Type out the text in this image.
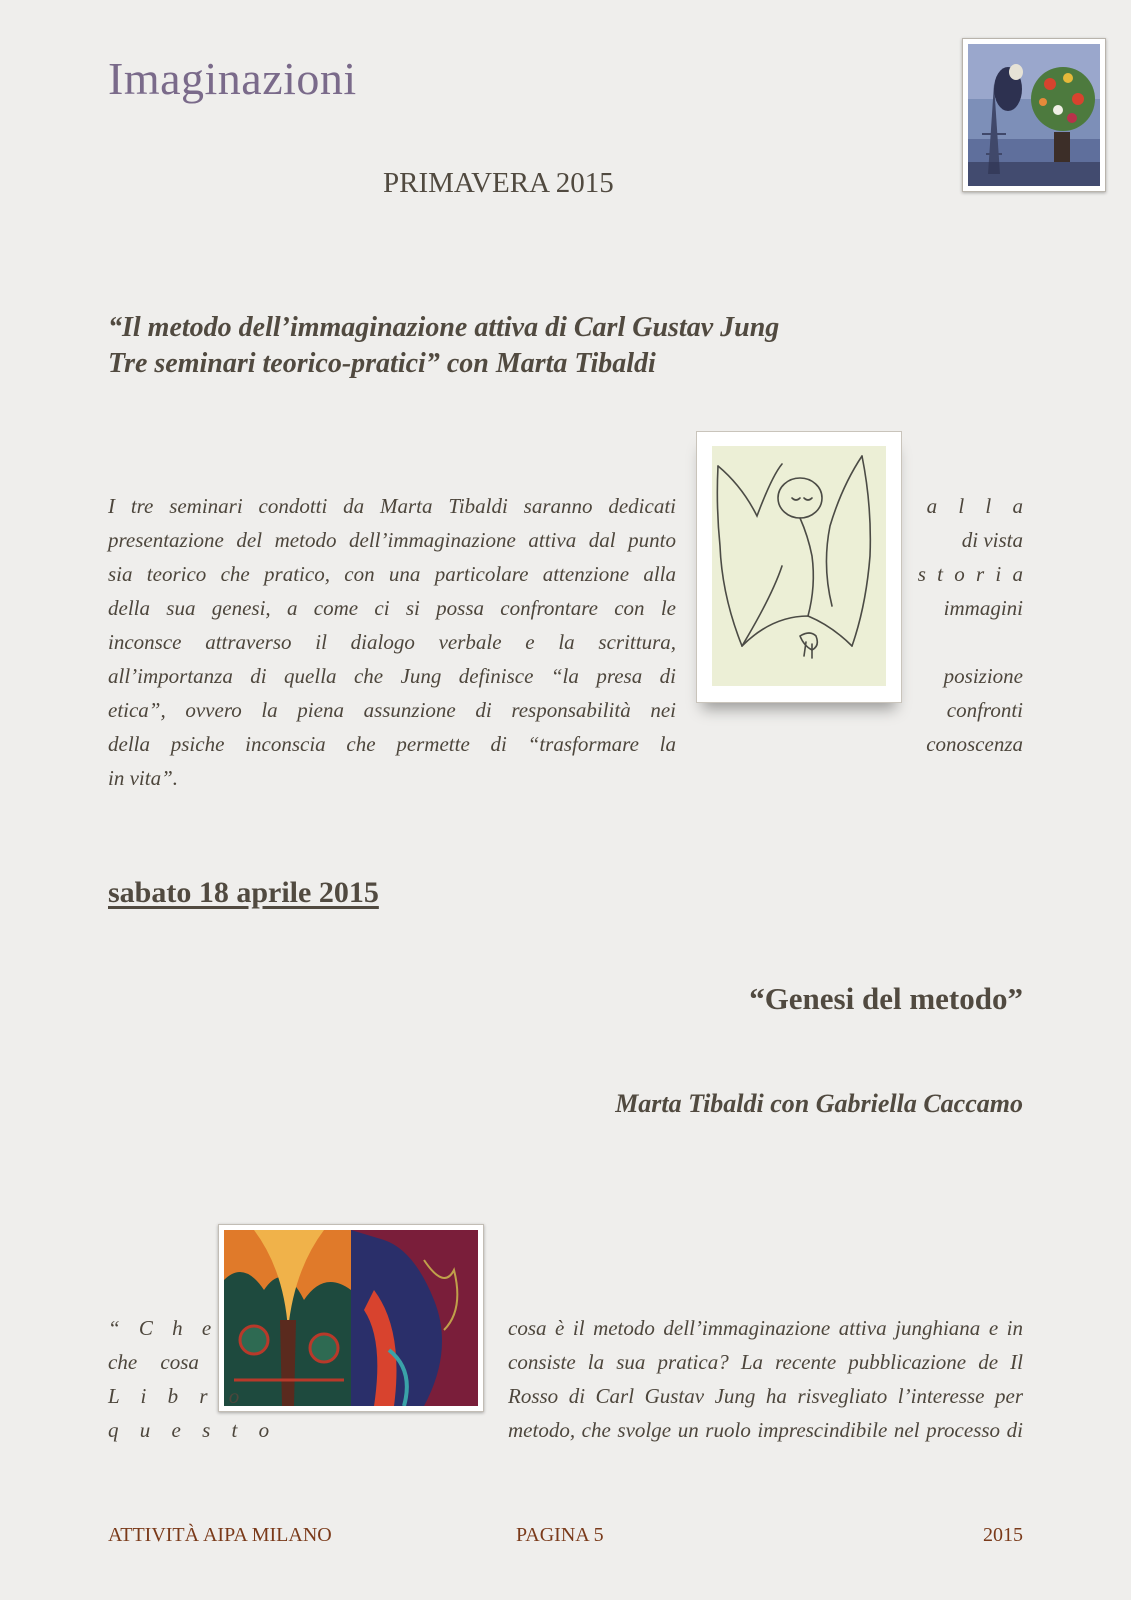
Imaginazioni
PRIMAVERA 2015
“Il metodo dell’immaginazione attiva di Carl Gustav Jung
Tre seminari teorico-pratici” con Marta Tibaldi
I tre seminari condotti da Marta Tibaldi saranno dedicati
presentazione del metodo dell’immaginazione attiva dal punto
sia teorico che pratico, con una particolare attenzione alla
della sua genesi, a come ci si possa confrontare con le
inconsce attraverso il dialogo verbale e la scrittura,
all’importanza di quella che Jung definisce “la presa di
etica”, ovvero la piena assunzione di responsabilità nei
della psiche inconscia che permette di “trasformare la
in vita”.
a l l a
di vista
s t o r i a
immagini
posizione
confronti
conoscenza
sabato 18 aprile 2015
“Genesi del metodo”
Marta Tibaldi con Gabriella Caccamo
“ C h e
che cosa
L i b r o
q u e s t o
cosa è il metodo dell’immaginazione attiva junghiana e in
consiste la sua pratica? La recente pubblicazione de Il
Rosso di Carl Gustav Jung ha risvegliato l’interesse per
metodo, che svolge un ruolo imprescindibile nel processo di
ATTIVITÀ AIPA MILANO	PAGINA 5	2015
